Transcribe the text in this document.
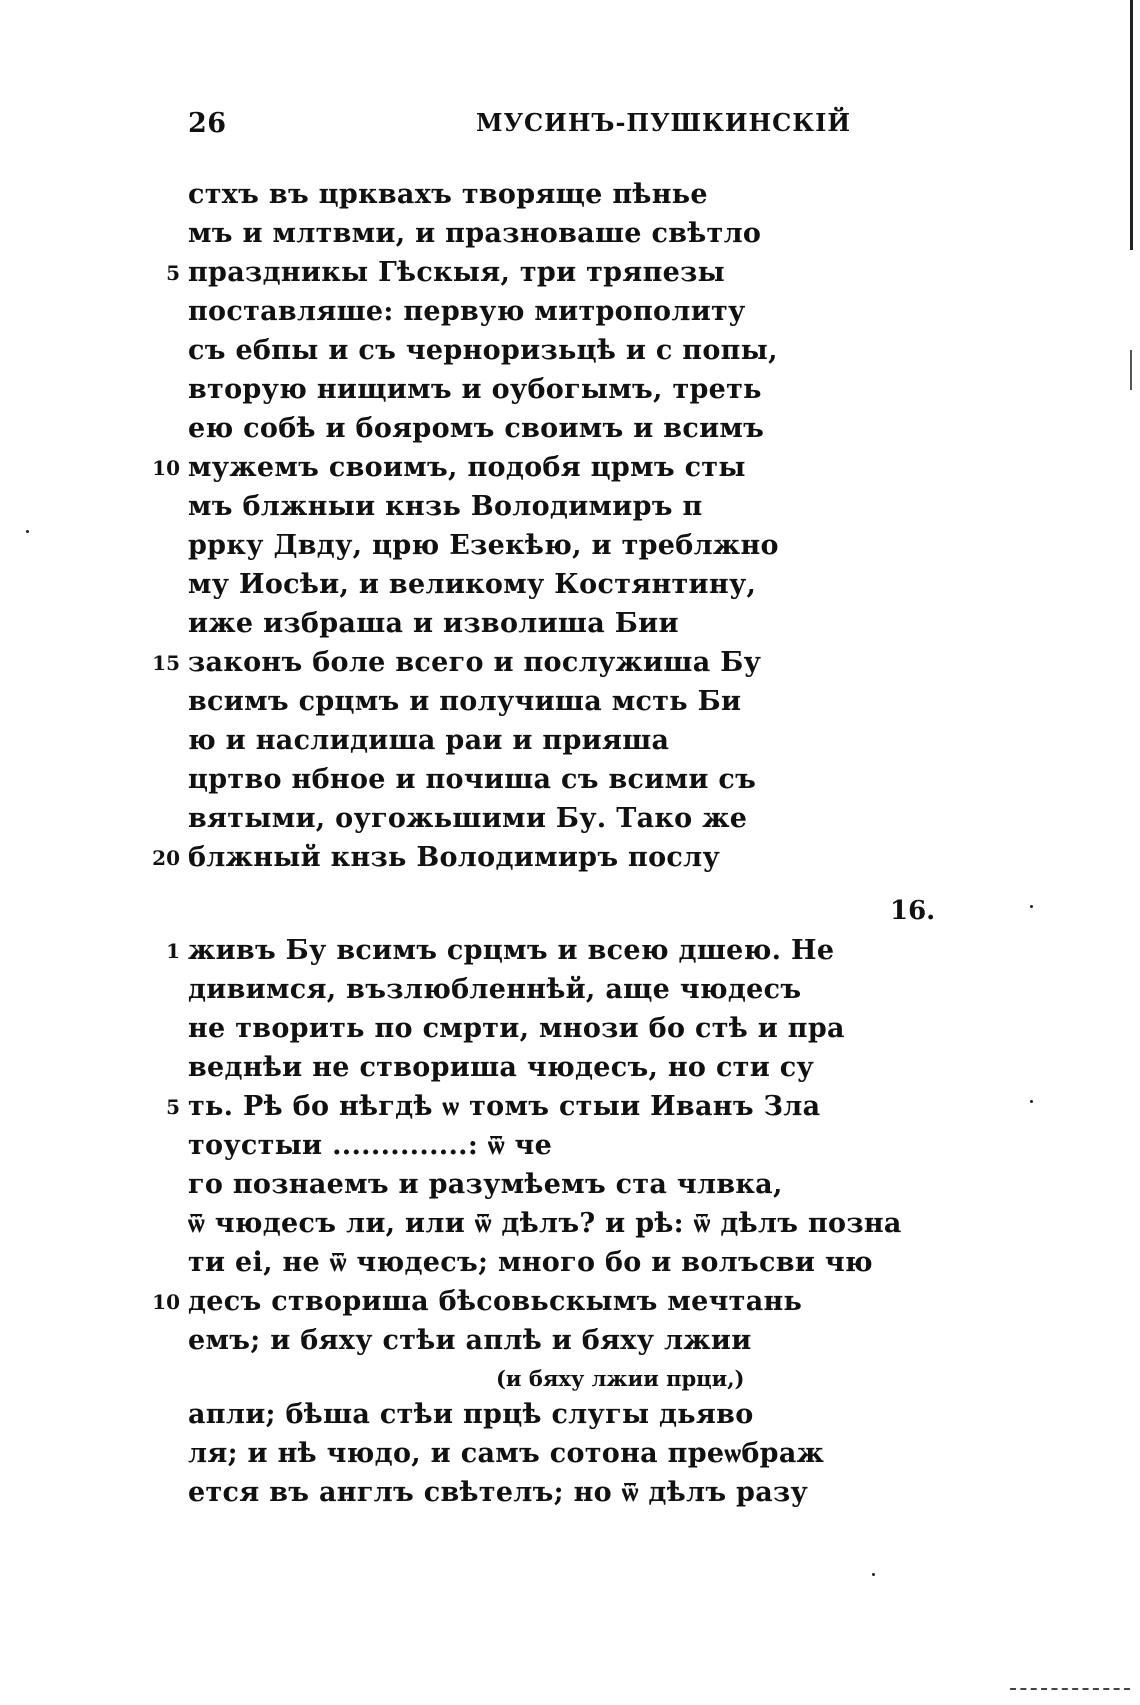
26	МУСИНЪ-ПУШКИНСКІЙ
стхъ въ црквахъ творяще пѣнье
мъ и млтвми, и празноваше свѣтло
праздникы Гѣскыя, три тряпезы
поставляше: первую митрополиту
съ ебпы и съ черноризьцѣ и с попы,
вторую нищимъ и оубогымъ, треть
ею собѣ и бояромъ своимъ и всимъ
мужемъ своимъ, подобя црмъ сты
мъ блжныи кнзь Володимиръ п
ррку Двду, црю Езекѣю, и треблжно
му Иосѣи, и великому Костянтину,
иже избраша и изволиша Бии
законъ боле всего и послужиша Бу
всимъ срцмъ и получиша мсть Би
ю и наслидиша раи и прияша
цртво нбное и почиша съ всими съ
вятыми, оугожьшими Бу. Тако же
блжный кнзь Володимиръ послу
5
10
15
20
16.
живъ Бу всимъ срцмъ и всею дшею. Не
дивимся, възлюбленнѣй, аще чюдесъ
не творить по смрти, мнози бо стѣ и пра
веднѣи не створиша чюдесъ, но сти су
ть. Рѣ бо нѣгдѣ ѡ томъ стыи Иванъ Зла
тоустыи ..............: ѿ че
го познаемъ и разумѣемъ ста члвка,
ѿ чюдесъ ли, или ѿ дѣлъ? и рѣ: ѿ дѣлъ позна
ти еі, не ѿ чюдесъ; много бо и волъсви чю
десъ створиша бѣсовьскымъ мечтань
емъ; и бяху стѣи аплѣ и бяху лжии
(и бяху лжии прци,)
апли; бѣша стѣи прцѣ слугы дьяво
ля; и нѣ чюдо, и самъ сотона преѡбраж
ется въ англъ свѣтелъ; но ѿ дѣлъ разу
1
5
10
